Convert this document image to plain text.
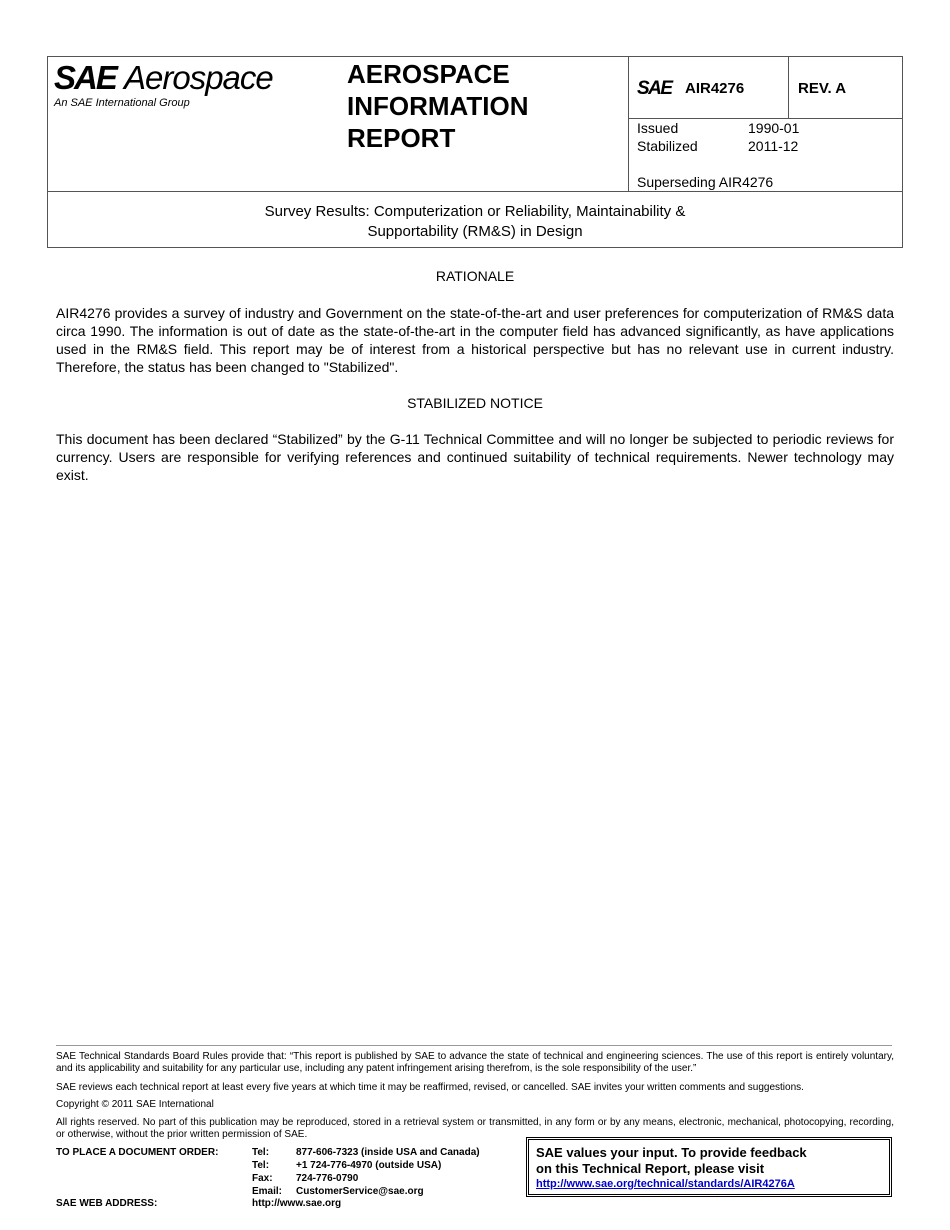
SAE Aerospace
An SAE International Group
AEROSPACE
INFORMATION
REPORT
SAE AIR4276	REV. A
Issued	1990-01
Stabilized	2011-12
Superseding AIR4276
Survey Results: Computerization or Reliability, Maintainability &
Supportability (RM&S) in Design
RATIONALE
AIR4276 provides a survey of industry and Government on the state-of-the-art and user preferences for computerization of RM&S data circa 1990. The information is out of date as the state-of-the-art in the computer field has advanced significantly, as have applications used in the RM&S field. This report may be of interest from a historical perspective but has no relevant use in current industry. Therefore, the status has been changed to "Stabilized".
STABILIZED NOTICE
This document has been declared “Stabilized” by the G-11 Technical Committee and will no longer be subjected to periodic reviews for currency. Users are responsible for verifying references and continued suitability of technical requirements. Newer technology may exist.
SAE Technical Standards Board Rules provide that: “This report is published by SAE to advance the state of technical and engineering sciences. The use of this report is entirely voluntary, and its applicability and suitability for any particular use, including any patent infringement arising therefrom, is the sole responsibility of the user.”
SAE reviews each technical report at least every five years at which time it may be reaffirmed, revised, or cancelled. SAE invites your written comments and suggestions.
Copyright © 2011 SAE International
All rights reserved. No part of this publication may be reproduced, stored in a retrieval system or transmitted, in any form or by any means, electronic, mechanical, photocopying, recording, or otherwise, without the prior written permission of SAE.
TO PLACE A DOCUMENT ORDER:	Tel:	877-606-7323 (inside USA and Canada)
Tel:	+1 724-776-4970 (outside USA)
Fax: 724-776-0790
Email: CustomerService@sae.org
SAE WEB ADDRESS:	http://www.sae.org
SAE values your input. To provide feedback
on this Technical Report, please visit
http://www.sae.org/technical/standards/AIR4276A
